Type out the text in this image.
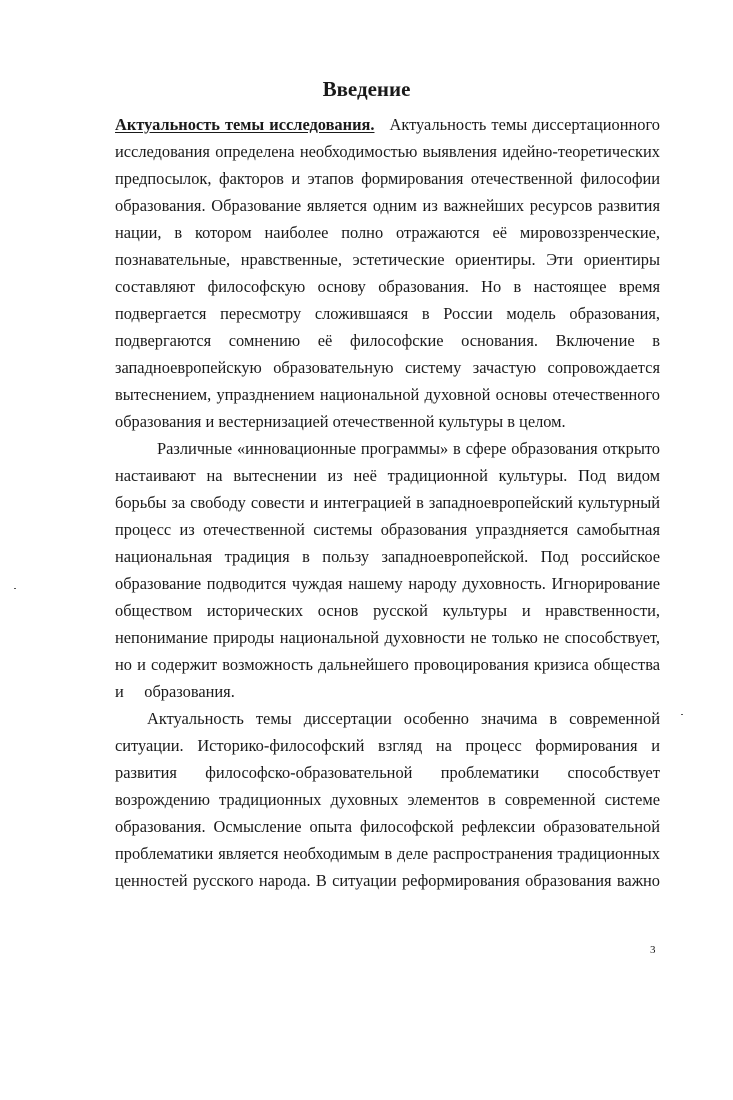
Введение
Актуальность темы исследования. Актуальность темы диссертационного
исследования определена необходимостью выявления идейно-теоретических
предпосылок, факторов и этапов формирования отечественной философии
образования. Образование является одним из важнейших ресурсов развития
нации, в котором наиболее полно отражаются её мировоззренческие,
познавательные, нравственные, эстетические ориентиры. Эти ориентиры
составляют философскую основу образования. Но в настоящее время
подвергается пересмотру сложившаяся в России модель образования,
подвергаются сомнению её философские основания. Включение в
западноевропейскую образовательную систему зачастую сопровождается
вытеснением, упразднением национальной духовной основы отечественного
образования и вестернизацией отечественной культуры в целом.
Различные «инновационные программы» в сфере образования открыто
настаивают на вытеснении из неё традиционной культуры. Под видом
борьбы за свободу совести и интеграцией в западноевропейский культурный
процесс из отечественной системы образования упраздняется самобытная
национальная традиция в пользу западноевропейской. Под российское
образование подводится чуждая нашему народу духовность. Игнорирование
обществом исторических основ русской культуры и нравственности,
непонимание природы национальной духовности не только не способствует,
но и содержит возможность дальнейшего провоцирования кризиса общества
и     образования.
Актуальность темы диссертации особенно значима в современной
ситуации. Историко-философский взгляд на процесс формирования и
развития   философско-образовательной   проблематики   способствует
возрождению традиционных духовных элементов в современной системе
образования. Осмысление опыта философской рефлексии образовательной
проблематики является необходимым в деле распространения традиционных
ценностей русского народа. В ситуации реформирования образования важно
3
